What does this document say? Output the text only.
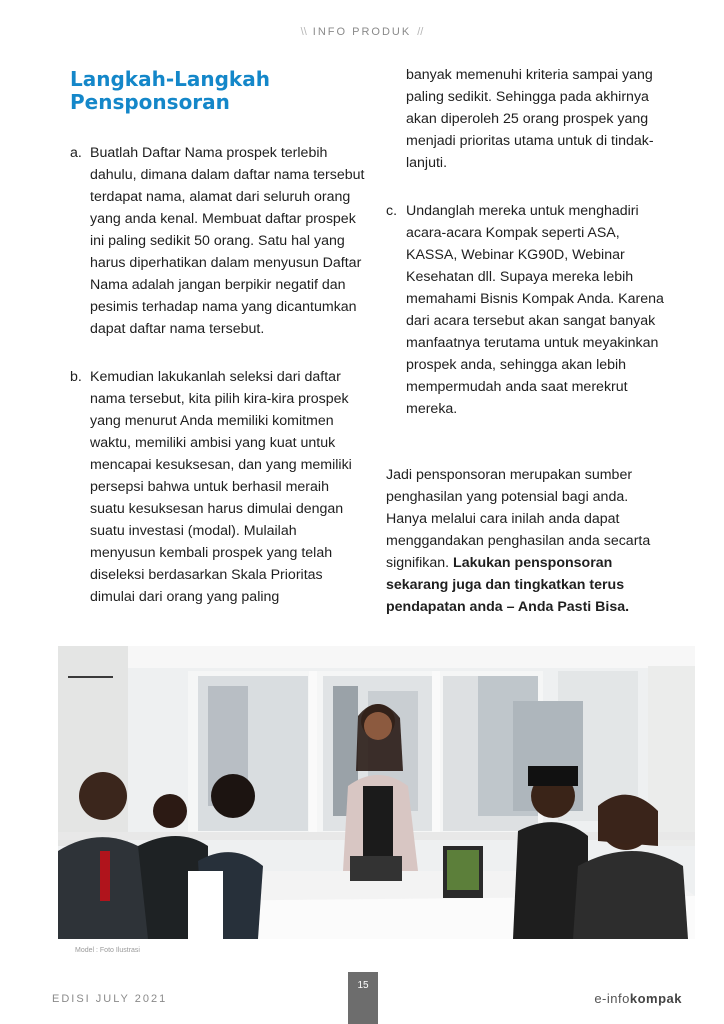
\\ INFO PRODUK //
Langkah-Langkah Pensponsoran
a. Buatlah Daftar Nama prospek terlebih dahulu, dimana dalam daftar nama tersebut terdapat nama, alamat dari seluruh orang yang anda kenal. Membuat daftar prospek ini paling sedikit 50 orang. Satu hal yang harus diperhatikan dalam menyusun Daftar Nama adalah jangan berpikir negatif dan pesimis terhadap nama yang dicantumkan dapat daftar nama tersebut.
b. Kemudian lakukanlah seleksi dari daftar nama tersebut, kita pilih kira-kira prospek yang menurut Anda memiliki komitmen waktu, memiliki ambisi yang kuat untuk mencapai kesuksesan, dan yang memiliki persepsi bahwa untuk berhasil meraih suatu kesuksesan harus dimulai dengan suatu investasi (modal). Mulailah menyusun kembali prospek yang telah diseleksi berdasarkan Skala Prioritas dimulai dari orang yang paling
banyak memenuhi kriteria sampai yang paling sedikit. Sehingga pada akhirnya akan diperoleh 25 orang prospek yang menjadi prioritas utama untuk di tindak-lanjuti.
c. Undanglah mereka untuk menghadiri acara-acara Kompak seperti ASA, KASSA, Webinar KG90D, Webinar Kesehatan dll. Supaya mereka lebih memahami Bisnis Kompak Anda. Karena dari acara tersebut akan sangat banyak manfaatnya terutama untuk meyakinkan prospek anda, sehingga akan lebih mempermudah anda saat merekrut mereka.

Jadi pensponsoran merupakan sumber penghasilan yang potensial bagi anda. Hanya melalui cara inilah anda dapat menggandakan penghasilan anda secarta signifikan. Lakukan pensponsoran sekarang juga dan tingkatkan terus pendapatan anda – Anda Pasti Bisa.

Model : Foto Ilustrasi
EDISI JULY 2021
15
e-infokompak
